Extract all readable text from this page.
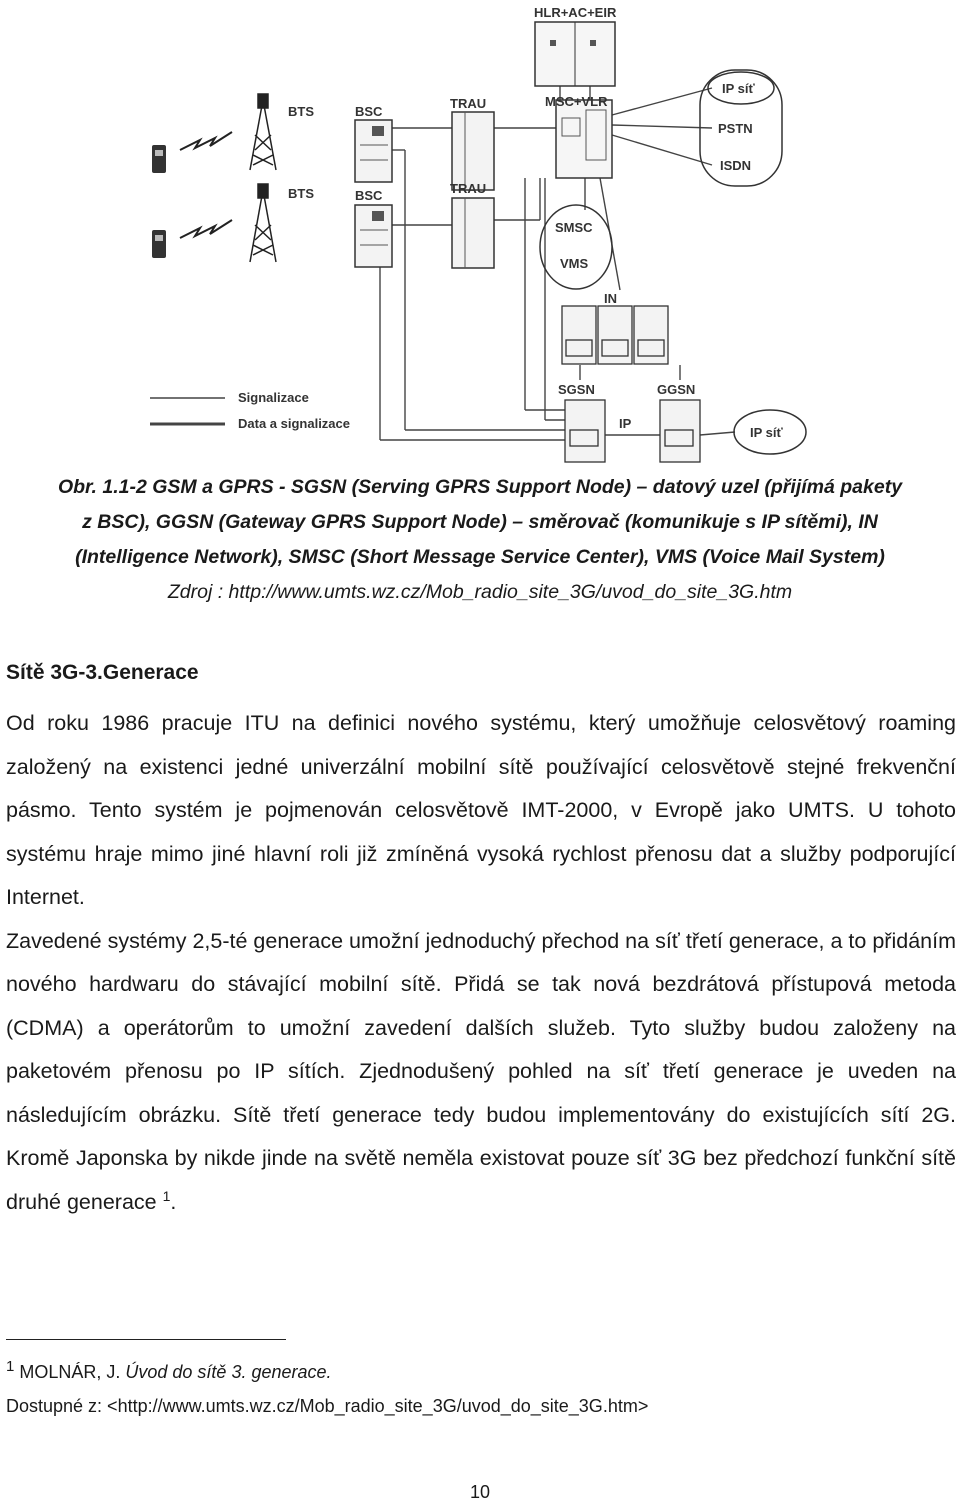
HLR+AC+EIR
MSC+VLR
TRAU
TRAU
BSC
BSC
BTS
BTS
IP síť
PSTN
ISDN
SMSC
VMS
IN
SGSN	GGSN
IP
IP síť
Signalizace
Data a signalizace
Obr. 1.1-2 GSM a GPRS - SGSN (Serving GPRS Support Node) – datový uzel (přijímá pakety
z BSC), GGSN (Gateway GPRS Support Node) – směrovač (komunikuje s IP sítěmi), IN
(Intelligence Network), SMSC (Short Message Service Center), VMS (Voice Mail System)
Zdroj : http://www.umts.wz.cz/Mob_radio_site_3G/uvod_do_site_3G.htm
Sítě 3G-3.Generace

Od roku 1986 pracuje ITU na definici nového systému, který umožňuje celosvětový roaming založený na existenci jedné univerzální mobilní sítě používající celosvětově stejné frekvenční pásmo. Tento systém je pojmenován celosvětově IMT-2000, v Evropě jako UMTS. U tohoto systému hraje mimo jiné hlavní roli již zmíněná vysoká rychlost přenosu dat a služby podporující Internet.

Zavedené systémy 2,5-té generace umožní jednoduchý přechod na síť třetí generace, a to přidáním nového hardwaru do stávající mobilní sítě. Přidá se tak nová bezdrátová přístupová metoda (CDMA) a operátorům to umožní zavedení dalších služeb. Tyto služby budou založeny na paketovém přenosu po IP sítích. Zjednodušený pohled na síť třetí generace je uveden na následujícím obrázku. Sítě třetí generace tedy budou implementovány do existujících sítí 2G. Kromě Japonska by nikde jinde na světě neměla existovat pouze síť 3G bez předchozí funkční sítě druhé generace $^1$.

$^1$ MOLNÁR, J. Úvod do sítě 3. generace.
Dostupné z: <http://www.umts.wz.cz/Mob_radio_site_3G/uvod_do_site_3G.htm>
10
